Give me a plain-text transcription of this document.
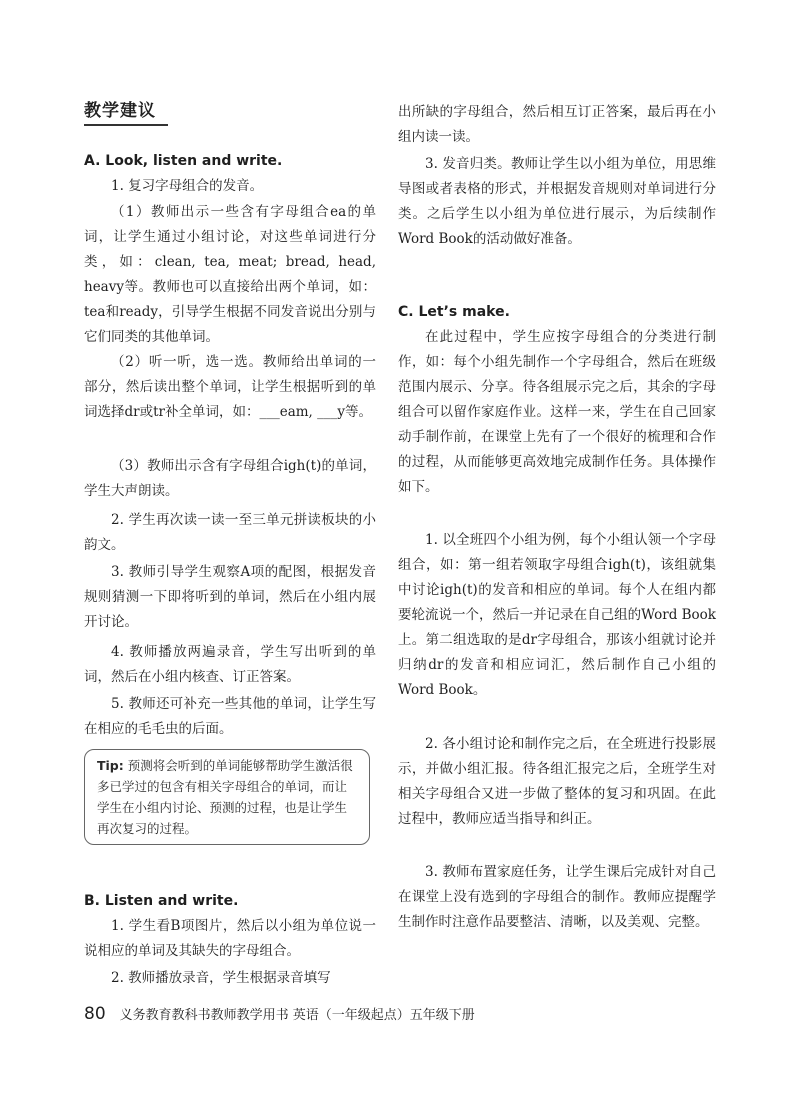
教学建议
A. Look, listen and write.

1. 复习字母组合的发音。

（1）教师出示一些含有字母组合ea的单词，让学生通过小组讨论，对这些单词进行分类，如：clean, tea, meat; bread, head, heavy等。教师也可以直接给出两个单词，如：tea和ready，引导学生根据不同发音说出分别与它们同类的其他单词。

（2）听一听，选一选。教师给出单词的一部分，然后读出整个单词，让学生根据听到的单词选择dr或tr补全单词，如：___eam, ___y等。

（3）教师出示含有字母组合igh(t)的单词，学生大声朗读。

2. 学生再次读一读一至三单元拼读板块的小韵文。

3. 教师引导学生观察A项的配图，根据发音规则猜测一下即将听到的单词，然后在小组内展开讨论。

4. 教师播放两遍录音，学生写出听到的单词，然后在小组内核查、订正答案。

5. 教师还可补充一些其他的单词，让学生写在相应的毛毛虫的后面。

Tip: 预测将会听到的单词能够帮助学生激活很多已学过的包含有相关字母组合的单词，而让学生在小组内讨论、预测的过程，也是让学生再次复习的过程。
B. Listen and write.

1. 学生看B项图片，然后以小组为单位说一说相应的单词及其缺失的字母组合。

2. 教师播放录音，学生根据录音填写

出所缺的字母组合，然后相互订正答案，最后再在小组内读一读。

3. 发音归类。教师让学生以小组为单位，用思维导图或者表格的形式，并根据发音规则对单词进行分类。之后学生以小组为单位进行展示，为后续制作Word Book的活动做好准备。

C. Let’s make.

在此过程中，学生应按字母组合的分类进行制作，如：每个小组先制作一个字母组合，然后在班级范围内展示、分享。待各组展示完之后，其余的字母组合可以留作家庭作业。这样一来，学生在自己回家动手制作前，在课堂上先有了一个很好的梳理和合作的过程，从而能够更高效地完成制作任务。具体操作如下。

1. 以全班四个小组为例，每个小组认领一个字母组合，如：第一组若领取字母组合igh(t)，该组就集中讨论igh(t)的发音和相应的单词。每个人在组内都要轮流说一个，然后一并记录在自己组的Word Book上。第二组选取的是dr字母组合，那该小组就讨论并归纳dr的发音和相应词汇，然后制作自己小组的Word Book。

2. 各小组讨论和制作完之后，在全班进行投影展示，并做小组汇报。待各组汇报完之后，全班学生对相关字母组合又进一步做了整体的复习和巩固。在此过程中，教师应适当指导和纠正。

3. 教师布置家庭任务，让学生课后完成针对自己在课堂上没有选到的字母组合的制作。教师应提醒学生制作时注意作品要整洁、清晰，以及美观、完整。

80 义务教育教科书教师教学用书 英语（一年级起点）五年级下册
